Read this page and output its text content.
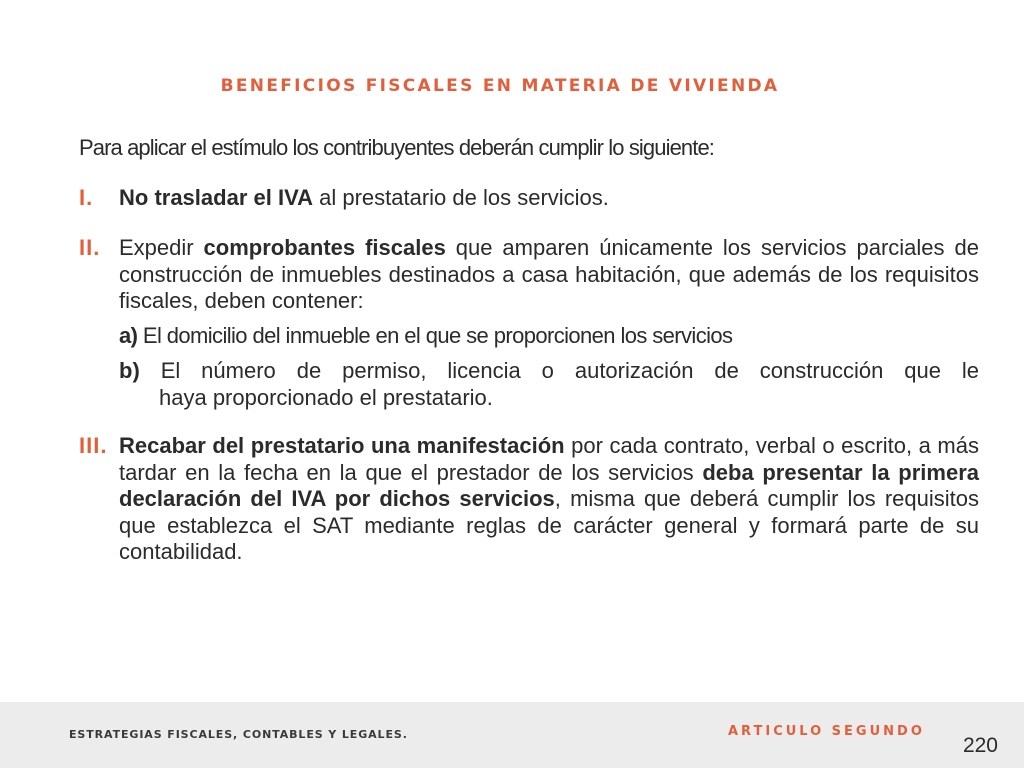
BENEFICIOS FISCALES EN MATERIA DE VIVIENDA
Para aplicar el estímulo los contribuyentes deberán cumplir lo siguiente:
I. No trasladar el IVA al prestatario de los servicios.
II. Expedir comprobantes fiscales que amparen únicamente los servicios parciales de construcción de inmuebles destinados a casa habitación, que además de los requisitos fiscales, deben contener:
a) El domicilio del inmueble en el que se proporcionen los servicios
b) El número de permiso, licencia o autorización de construcción que le
haya proporcionado el prestatario.
III. Recabar del prestatario una manifestación por cada contrato, verbal o escrito, a más tardar en la fecha en la que el prestador de los servicios deba presentar la primera declaración del IVA por dichos servicios, misma que deberá cumplir los requisitos que establezca el SAT mediante reglas de carácter general y formará parte de su contabilidad.
ESTRATEGIAS FISCALES, CONTABLES Y LEGALES.	ARTICULO SEGUNDO
220
